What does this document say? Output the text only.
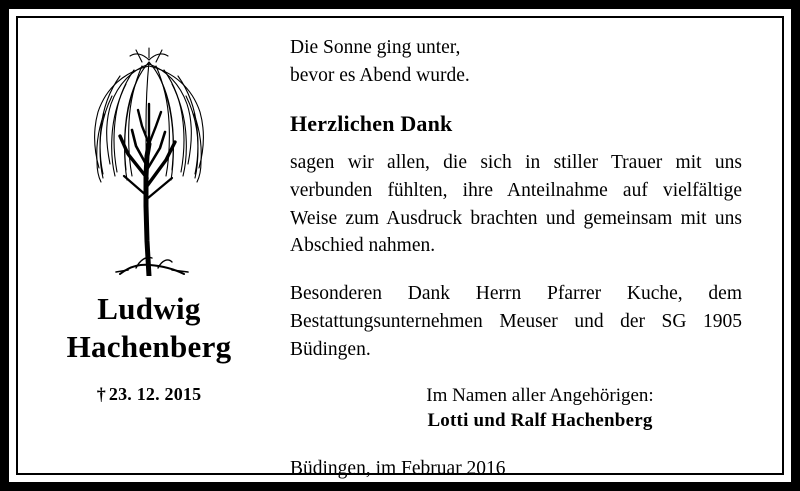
Ludwig
Hachenberg
† 23. 12. 2015
Die Sonne ging unter,
bevor es Abend wurde.
Herzlichen Dank
sagen wir allen, die sich in stiller Trauer mit uns verbunden fühlten, ihre Anteilnahme auf vielfältige Weise zum Ausdruck brachten und gemeinsam mit uns Abschied nahmen.
Besonderen Dank Herrn Pfarrer Kuche, dem Bestattungsunternehmen Meuser und der SG 1905 Büdingen.
Im Namen aller Angehörigen:
Lotti und Ralf Hachenberg
Büdingen, im Februar 2016
